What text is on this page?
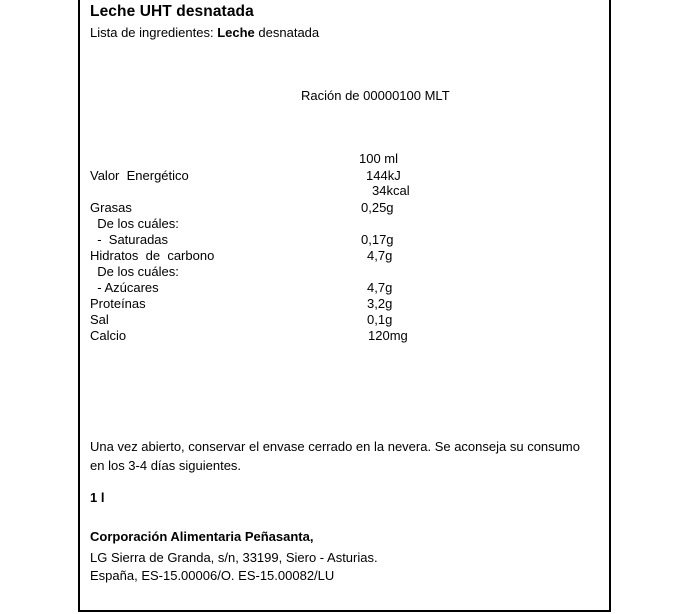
Leche UHT desnatada
Lista de ingredientes: Leche desnatada
Ración de 00000100 MLT
100 ml
Valor  Energético	144kJ
34kcal
Grasas	0,25g
De los cuáles:
-  Saturadas	0,17g
Hidratos  de  carbono	4,7g
De los cuáles:
- Azúcares	4,7g
Proteínas	3,2g
Sal	0,1g
Calcio	120mg
Una vez abierto, conservar el envase cerrado en la nevera. Se aconseja su consumo en los 3-4 días siguientes.
1 l
Corporación Alimentaria Peñasanta,
LG Sierra de Granda, s/n, 33199, Siero - Asturias.
España, ES-15.00006/O. ES-15.00082/LU
